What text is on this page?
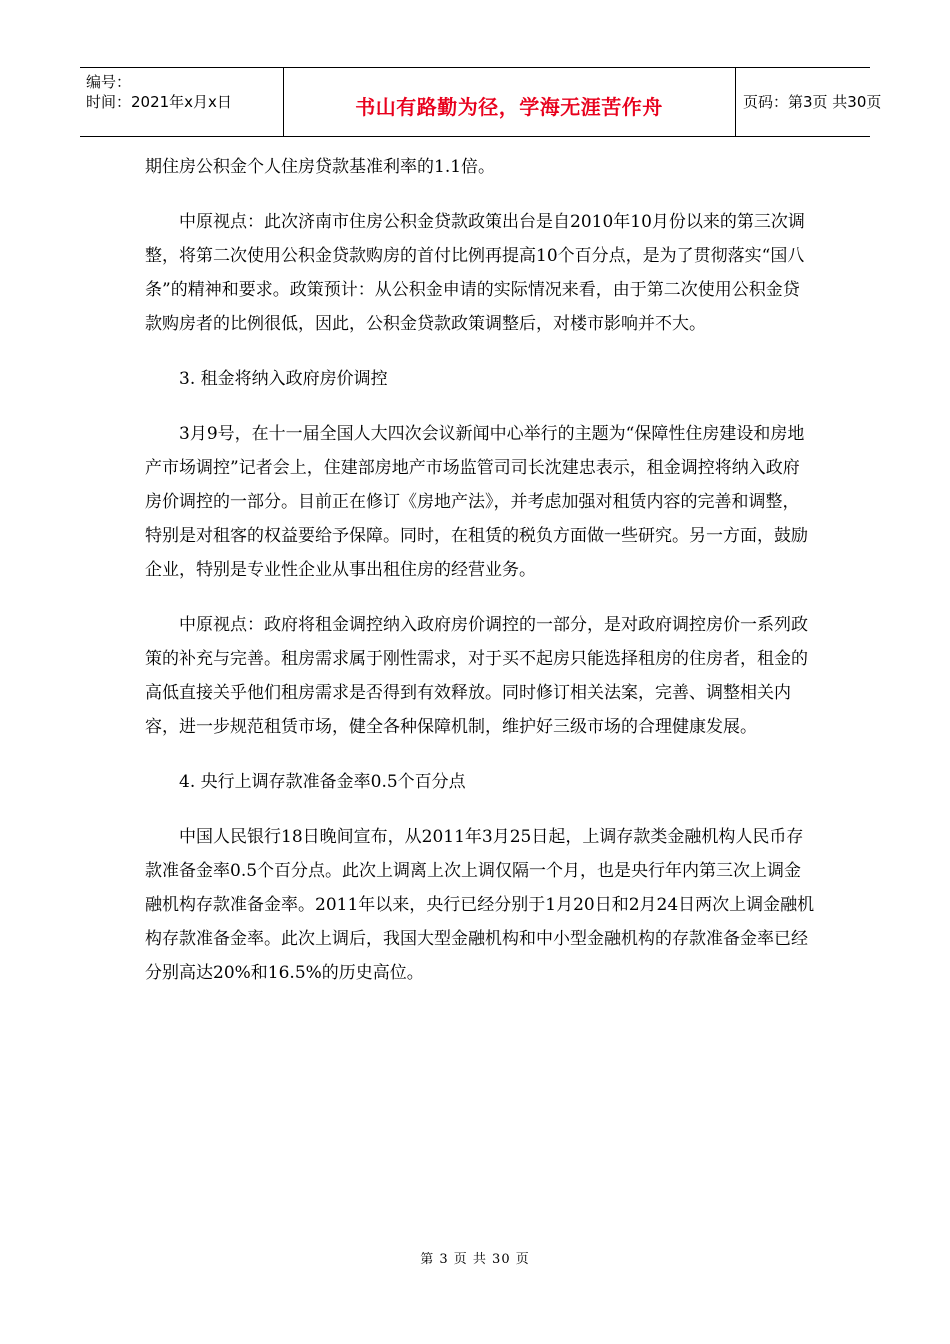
编号：
时间：2021年x月x日	书山有路勤为径，学海无涯苦作舟	页码：第3页 共30页

期住房公积金个人住房贷款基准利率的1.1倍。

中原视点：此次济南市住房公积金贷款政策出台是自2010年10月份以来的第三次调整，将第二次使用公积金贷款购房的首付比例再提高10个百分点，是为了贯彻落实“国八条”的精神和要求。政策预计：从公积金申请的实际情况来看，由于第二次使用公积金贷款购房者的比例很低，因此，公积金贷款政策调整后，对楼市影响并不大。

3. 租金将纳入政府房价调控

3月9号，在十一届全国人大四次会议新闻中心举行的主题为“保障性住房建设和房地产市场调控”记者会上，住建部房地产市场监管司司长沈建忠表示，租金调控将纳入政府房价调控的一部分。目前正在修订《房地产法》，并考虑加强对租赁内容的完善和调整，特别是对租客的权益要给予保障。同时，在租赁的税负方面做一些研究。另一方面，鼓励企业，特别是专业性企业从事出租住房的经营业务。

中原视点：政府将租金调控纳入政府房价调控的一部分，是对政府调控房价一系列政策的补充与完善。租房需求属于刚性需求，对于买不起房只能选择租房的住房者，租金的高低直接关乎他们租房需求是否得到有效释放。同时修订相关法案，完善、调整相关内容，进一步规范租赁市场，健全各种保障机制，维护好三级市场的合理健康发展。

4. 央行上调存款准备金率0.5个百分点

中国人民银行18日晚间宣布，从2011年3月25日起，上调存款类金融机构人民币存款准备金率0.5个百分点。此次上调离上次上调仅隔一个月，也是央行年内第三次上调金融机构存款准备金率。2011年以来，央行已经分别于1月20日和2月24日两次上调金融机构存款准备金率。此次上调后，我国大型金融机构和中小型金融机构的存款准备金率已经分别高达20%和16.5%的历史高位。

第 3 页 共 30 页
